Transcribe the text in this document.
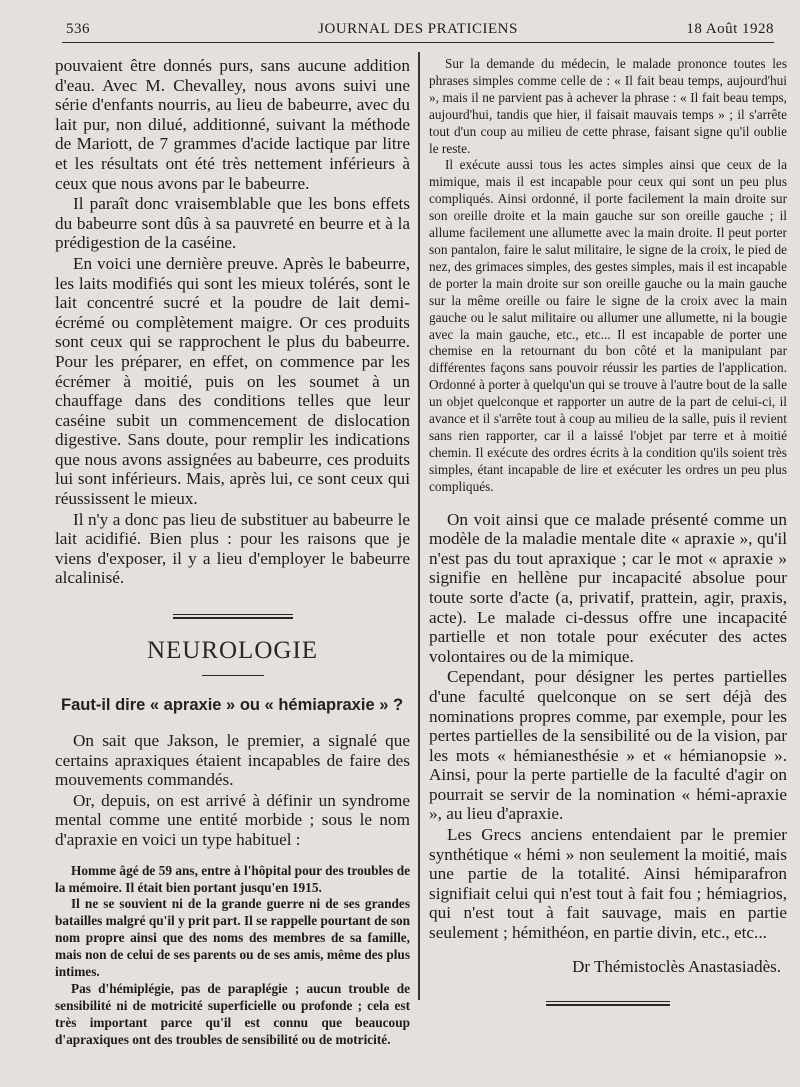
536	JOURNAL DES PRATICIENS	18 Août 1928

pouvaient être donnés purs, sans aucune addition d'eau. Avec M. Chevalley, nous avons suivi une série d'enfants nourris, au lieu de babeurre, avec du lait pur, non dilué, additionné, suivant la méthode de Mariott, de 7 grammes d'acide lactique par litre et les résultats ont été très nettement inférieurs à ceux que nous avons par le babeurre.

Il paraît donc vraisemblable que les bons effets du babeurre sont dûs à sa pauvreté en beurre et à la prédigestion de la caséine.

En voici une dernière preuve. Après le babeurre, les laits modifiés qui sont les mieux tolérés, sont le lait concentré sucré et la poudre de lait demi-écrémé ou complètement maigre. Or ces produits sont ceux qui se rapprochent le plus du babeurre. Pour les préparer, en effet, on commence par les écrémer à moitié, puis on les soumet à un chauffage dans des conditions telles que leur caséine subit un commencement de dislocation digestive. Sans doute, pour remplir les indications que nous avons assignées au babeurre, ces produits lui sont inférieurs. Mais, après lui, ce sont ceux qui réussissent le mieux.

Il n'y a donc pas lieu de substituer au babeurre le lait acidifié. Bien plus : pour les raisons que je viens d'exposer, il y a lieu d'employer le babeurre alcalinisé.

NEUROLOGIE
Faut-il dire « apraxie » ou « hémiapraxie » ?

On sait que Jakson, le premier, a signalé que certains apraxiques étaient incapables de faire des mouvements commandés.

Or, depuis, on est arrivé à définir un syndrome mental comme une entité morbide ; sous le nom d'apraxie en voici un type habituel :

Homme âgé de 59 ans, entre à l'hôpital pour des troubles de la mémoire. Il était bien portant jusqu'en 1915.

Il ne se souvient ni de la grande guerre ni de ses grandes batailles malgré qu'il y prit part. Il se rappelle pourtant de son nom propre ainsi que des noms des membres de sa famille, mais non de celui de ses parents ou de ses amis, même des plus intimes.

Pas d'hémiplégie, pas de paraplégie ; aucun trouble de sensibilité ni de motricité superficielle ou profonde ; cela est très important parce qu'il est connu que beaucoup d'apraxiques ont des troubles de sensibilité ou de motricité.

Sur la demande du médecin, le malade prononce toutes les phrases simples comme celle de : « Il fait beau temps, aujourd'hui », mais il ne parvient pas à achever la phrase : « Il fait beau temps, aujourd'hui, tandis que hier, il faisait mauvais temps » ; il s'arrête tout d'un coup au milieu de cette phrase, faisant signe qu'il oublie le reste.

Il exécute aussi tous les actes simples ainsi que ceux de la mimique, mais il est incapable pour ceux qui sont un peu plus compliqués. Ainsi ordonné, il porte facilement la main droite sur son oreille droite et la main gauche sur son oreille gauche ; il allume facilement une allumette avec la main droite. Il peut porter son pantalon, faire le salut militaire, le signe de la croix, le pied de nez, des grimaces simples, des gestes simples, mais il est incapable de porter la main droite sur son oreille gauche ou la main gauche sur la même oreille ou faire le signe de la croix avec la main gauche ou le salut militaire ou allumer une allumette, ni la bougie avec la main gauche, etc., etc... Il est incapable de porter une chemise en la retournant du bon côté et la manipulant par différentes façons sans pouvoir réussir les parties de l'application. Ordonné à porter à quelqu'un qui se trouve à l'autre bout de la salle un objet quelconque et rapporter un autre de la part de celui-ci, il avance et il s'arrête tout à coup au milieu de la salle, puis il revient sans rien rapporter, car il a laissé l'objet par terre et à moitié chemin. Il exécute des ordres écrits à la condition qu'ils soient très simples, étant incapable de lire et exécuter les ordres un peu plus compliqués.

On voit ainsi que ce malade présenté comme un modèle de la maladie mentale dite « apraxie », qu'il n'est pas du tout apraxique ; car le mot « apraxie » signifie en hellène pur incapacité absolue pour toute sorte d'acte (a, privatif, prattein, agir, praxis, acte). Le malade ci-dessus offre une incapacité partielle et non totale pour exécuter des actes volontaires ou de la mimique.

Cependant, pour désigner les pertes partielles d'une faculté quelconque on se sert déjà des nominations propres comme, par exemple, pour les pertes partielles de la sensibilité ou de la vision, par les mots « hémianesthésie » et « hémianopsie ». Ainsi, pour la perte partielle de la faculté d'agir on pourrait se servir de la nomination « hémi-apraxie », au lieu d'apraxie.

Les Grecs anciens entendaient par le premier synthétique « hémi » non seulement la moitié, mais une partie de la totalité. Ainsi hémiparafron signifiait celui qui n'est tout à fait fou ; hémiagrios, qui n'est tout à fait sauvage, mais en partie seulement ; hémithéon, en partie divin, etc., etc...

Dr Thémistoclès Anastasiadès.
